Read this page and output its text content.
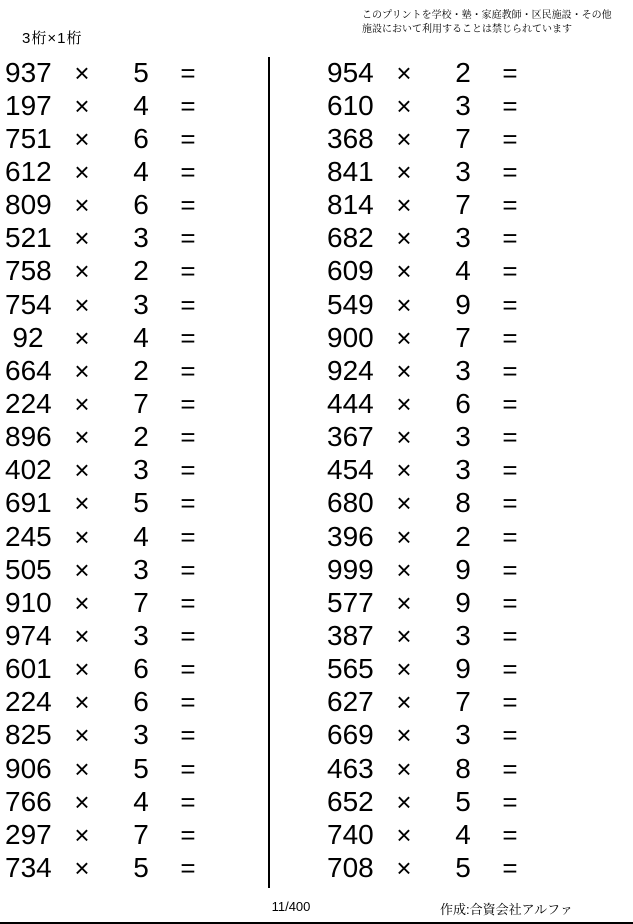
3桁×1桁
このプリントを学校・塾・家庭教師・区民施設・その他
施設において利用することは禁じられています
937 × 5 =
197 × 4 =
751 × 6 =
612 × 4 =
809 × 6 =
521 × 3 =
758 × 2 =
754 × 3 =
92 × 4 =
664 × 2 =
224 × 7 =
896 × 2 =
402 × 3 =
691 × 5 =
245 × 4 =
505 × 3 =
910 × 7 =
974 × 3 =
601 × 6 =
224 × 6 =
825 × 3 =
906 × 5 =
766 × 4 =
297 × 7 =
734 × 5 =
954 × 2 =
610 × 3 =
368 × 7 =
841 × 3 =
814 × 7 =
682 × 3 =
609 × 4 =
549 × 9 =
900 × 7 =
924 × 3 =
444 × 6 =
367 × 3 =
454 × 3 =
680 × 8 =
396 × 2 =
999 × 9 =
577 × 9 =
387 × 3 =
565 × 9 =
627 × 7 =
669 × 3 =
463 × 8 =
652 × 5 =
740 × 4 =
708 × 5 =
11/400	作成:合資会社アルファ
